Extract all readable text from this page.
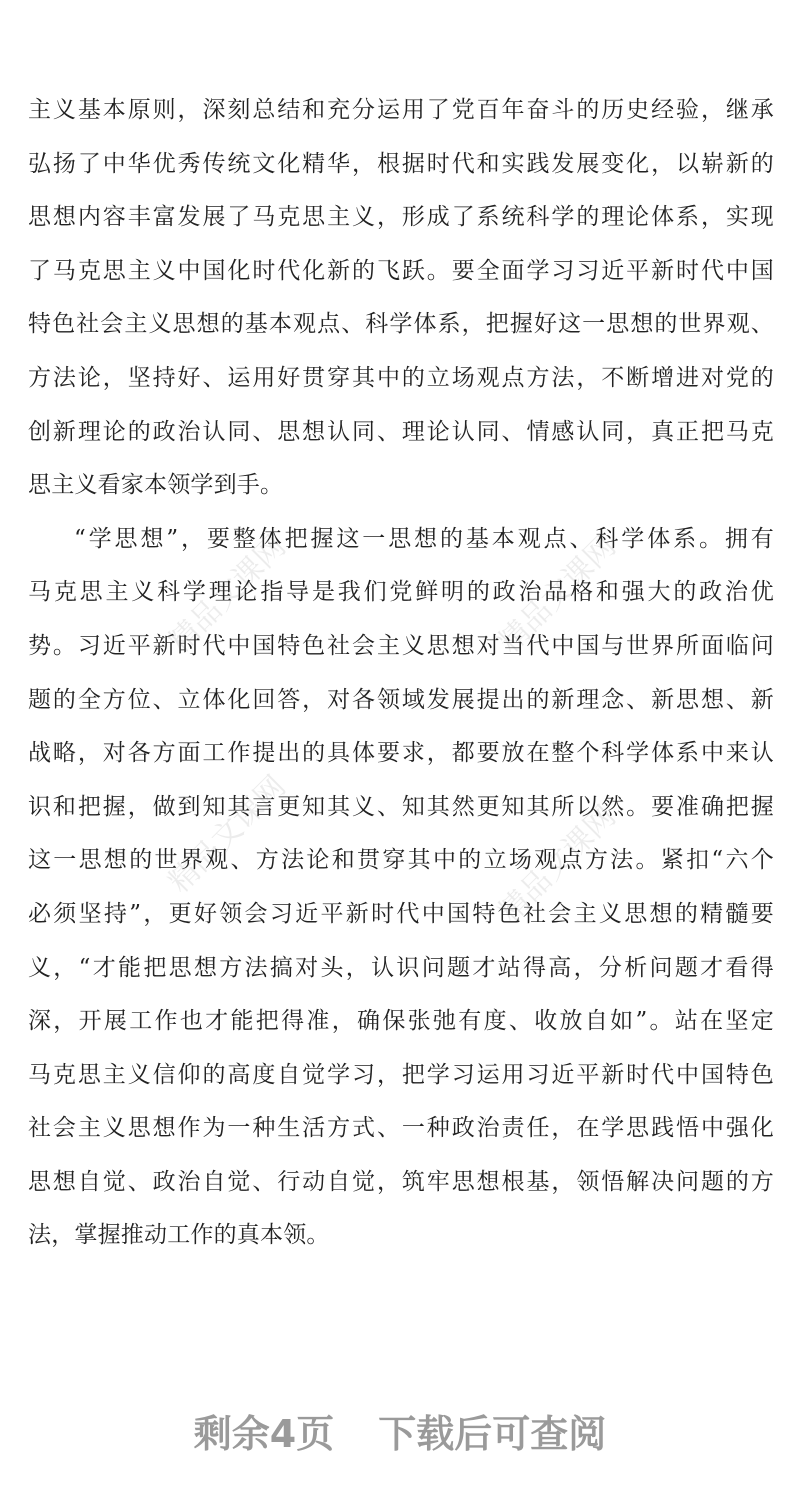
精品文课网	精品文课网
精品文课网	精品文课网
主义基本原则，深刻总结和充分运用了党百年奋斗的历史经验，继承
弘扬了中华优秀传统文化精华，根据时代和实践发展变化，以崭新的
思想内容丰富发展了马克思主义，形成了系统科学的理论体系，实现
了马克思主义中国化时代化新的飞跃。要全面学习习近平新时代中国
特色社会主义思想的基本观点、科学体系，把握好这一思想的世界观、
方法论，坚持好、运用好贯穿其中的立场观点方法，不断增进对党的
创新理论的政治认同、思想认同、理论认同、情感认同，真正把马克
思主义看家本领学到手。
“学思想”，要整体把握这一思想的基本观点、科学体系。拥有
马克思主义科学理论指导是我们党鲜明的政治品格和强大的政治优
势。习近平新时代中国特色社会主义思想对当代中国与世界所面临问
题的全方位、立体化回答，对各领域发展提出的新理念、新思想、新
战略，对各方面工作提出的具体要求，都要放在整个科学体系中来认
识和把握，做到知其言更知其义、知其然更知其所以然。要准确把握
这一思想的世界观、方法论和贯穿其中的立场观点方法。紧扣“六个
必须坚持”，更好领会习近平新时代中国特色社会主义思想的精髓要
义，“才能把思想方法搞对头，认识问题才站得高，分析问题才看得
深，开展工作也才能把得准，确保张弛有度、收放自如”。站在坚定
马克思主义信仰的高度自觉学习，把学习运用习近平新时代中国特色
社会主义思想作为一种生活方式、一种政治责任，在学思践悟中强化
思想自觉、政治自觉、行动自觉，筑牢思想根基，领悟解决问题的方
法，掌握推动工作的真本领。
剩余4页 下载后可查阅
